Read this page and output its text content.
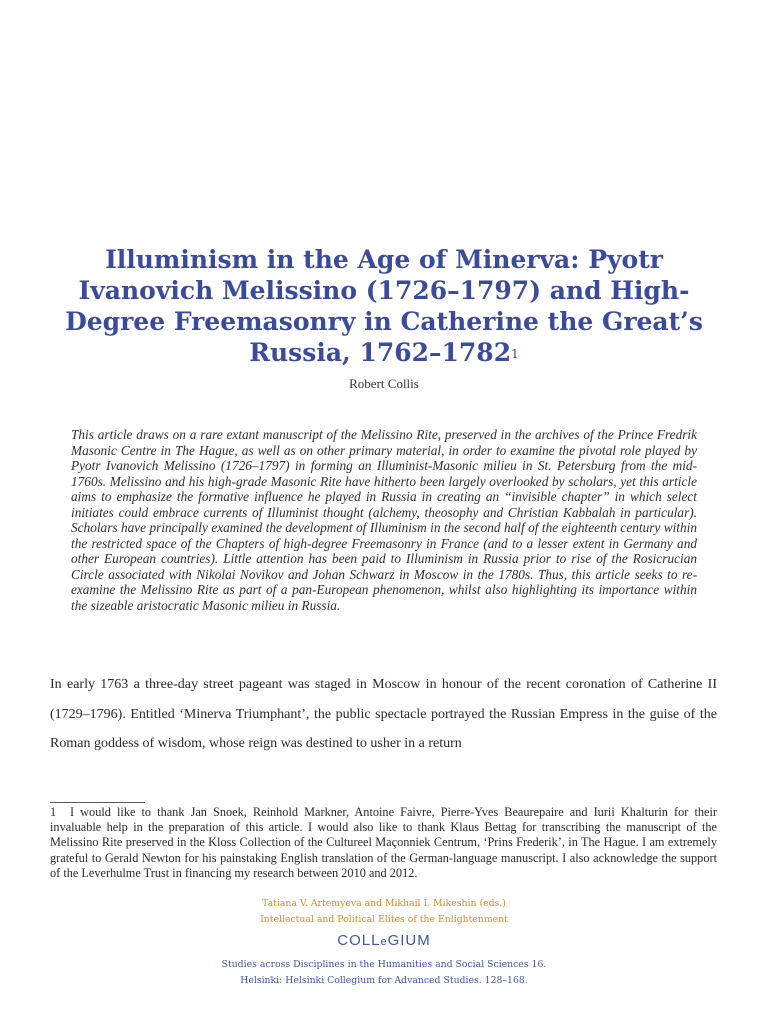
Illuminism in the Age of Minerva: Pyotr Ivanovich Melissino (1726–1797) and High-Degree Freemasonry in Catherine the Great’s Russia, 1762–1782$^1$
Robert Collis

This article draws on a rare extant manuscript of the Melissino Rite, preserved in the archives of the Prince Fredrik Masonic Centre in The Hague, as well as on other primary material, in order to examine the pivotal role played by Pyotr Ivanovich Melissino (1726–1797) in forming an Illuminist-Masonic milieu in St. Petersburg from the mid-1760s. Melissino and his high-grade Masonic Rite have hitherto been largely overlooked by scholars, yet this article aims to emphasize the formative influence he played in Russia in creating an “invisible chapter” in which select initiates could embrace currents of Illuminist thought (alchemy, theosophy and Christian Kabbalah in particular). Scholars have principally examined the development of Illuminism in the second half of the eighteenth century within the restricted space of the Chapters of high-degree Freemasonry in France (and to a lesser extent in Germany and other European countries). Little attention has been paid to Illuminism in Russia prior to rise of the Rosicrucian Circle associated with Nikolai Novikov and Johan Schwarz in Moscow in the 1780s. Thus, this article seeks to re-examine the Melissino Rite as part of a pan-European phenomenon, whilst also highlighting its importance within the sizeable aristocratic Masonic milieu in Russia.

In early 1763 a three-day street pageant was staged in Moscow in honour of the recent coronation of Catherine II (1729–1796). Entitled ‘Minerva Triumphant’, the public spectacle portrayed the Russian Empress in the guise of the Roman goddess of wisdom, whose reign was destined to usher in a return

1 I would like to thank Jan Snoek, Reinhold Markner, Antoine Faivre, Pierre-Yves Beaurepaire and Iurii Khalturin for their invaluable help in the preparation of this article. I would also like to thank Klaus Bettag for transcribing the manuscript of the Melissino Rite preserved in the Kloss Collection of the Cultureel Maçonniek Centrum, ‘Prins Frederik’, in The Hague. I am extremely grateful to Gerald Newton for his painstaking English translation of the German-language manuscript. I also acknowledge the support of the Leverhulme Trust in financing my research between 2010 and 2012.

Tatiana V. Artemyeva and Mikhail I. Mikeshin (eds.)
Intellectual and Political Elites of the Enlightenment
COLLeGIUM
Studies across Disciplines in the Humanities and Social Sciences 16.
Helsinki: Helsinki Collegium for Advanced Studies. 128–168.
